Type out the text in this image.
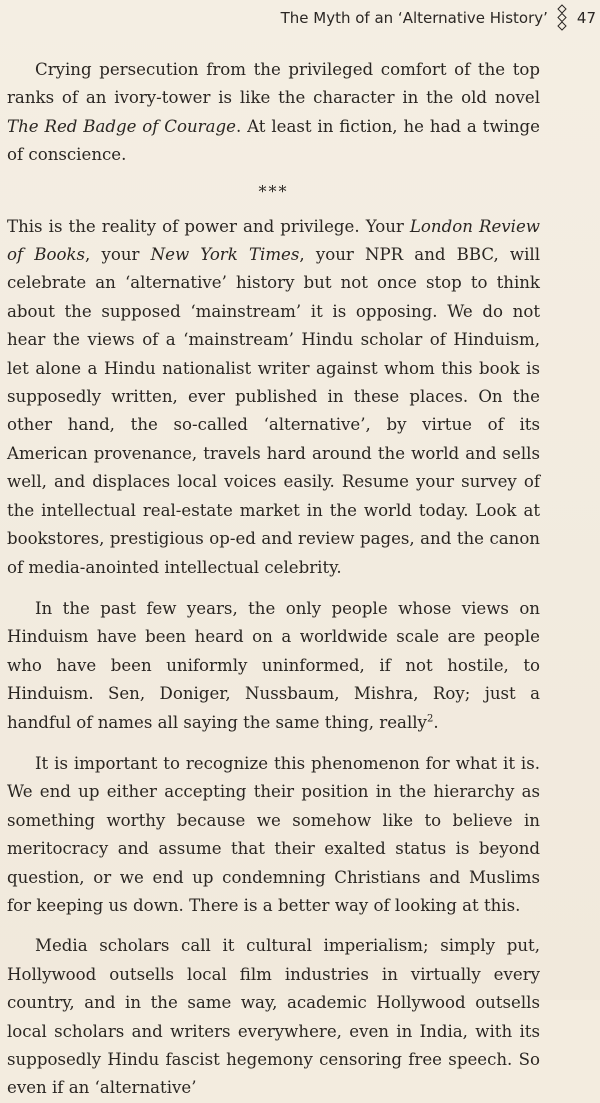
The Myth of an ‘Alternative History’ 47

Crying persecution from the privileged comfort of the top ranks of an ivory-tower is like the character in the old novel The Red Badge of Courage. At least in fiction, he had a twinge of conscience.

***

This is the reality of power and privilege. Your London Review of Books, your New York Times, your NPR and BBC, will celebrate an ‘alternative’ history but not once stop to think about the supposed ‘mainstream’ it is opposing. We do not hear the views of a ‘mainstream’ Hindu scholar of Hinduism, let alone a Hindu nationalist writer against whom this book is supposedly written, ever published in these places. On the other hand, the so-called ‘alternative’, by virtue of its American provenance, travels hard around the world and sells well, and displaces local voices easily. Resume your survey of the intellectual real-estate market in the world today. Look at bookstores, prestigious op-ed and review pages, and the canon of media-anointed intellectual celebrity.

In the past few years, the only people whose views on Hinduism have been heard on a worldwide scale are people who have been uniformly uninformed, if not hostile, to Hinduism. Sen, Doniger, Nussbaum, Mishra, Roy; just a handful of names all saying the same thing, really$^2$.

It is important to recognize this phenomenon for what it is. We end up either accepting their position in the hierarchy as something worthy because we somehow like to believe in meritocracy and assume that their exalted status is beyond question, or we end up condemning Christians and Muslims for keeping us down. There is a better way of looking at this.

Media scholars call it cultural imperialism; simply put, Hollywood outsells local film industries in virtually every country, and in the same way, academic Hollywood outsells local scholars and writers everywhere, even in India, with its supposedly Hindu fascist hegemony censoring free speech. So even if an ‘alternative’
